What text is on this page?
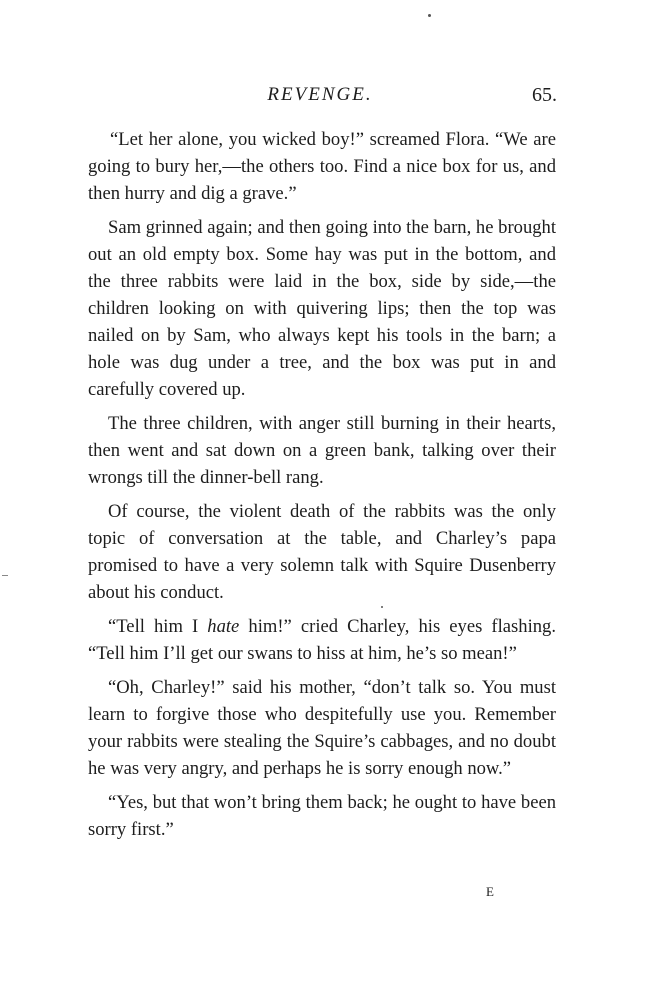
REVENGE.	65.

“Let her alone, you wicked boy!” screamed Flora. “We are going to bury her,—the others too. Find a nice box for us, and then hurry and dig a grave.”

Sam grinned again; and then going into the barn, he brought out an old empty box. Some hay was put in the bottom, and the three rabbits were laid in the box, side by side,—the children looking on with quivering lips; then the top was nailed on by Sam, who always kept his tools in the barn; a hole was dug under a tree, and the box was put in and carefully covered up.

The three children, with anger still burning in their hearts, then went and sat down on a green bank, talking over their wrongs till the dinner-bell rang.

Of course, the violent death of the rabbits was the only topic of conversation at the table, and Charley’s papa promised to have a very solemn talk with Squire Dusenberry about his conduct.

“Tell him I hate him!” cried Charley, his eyes flashing. “Tell him I’ll get our swans to hiss at him, he’s so mean!”

“Oh, Charley!” said his mother, “don’t talk so. You must learn to forgive those who despitefully use you. Remember your rabbits were stealing the Squire’s cabbages, and no doubt he was very angry, and perhaps he is sorry enough now.”

“Yes, but that won’t bring them back; he ought to have been sorry first.”

E
